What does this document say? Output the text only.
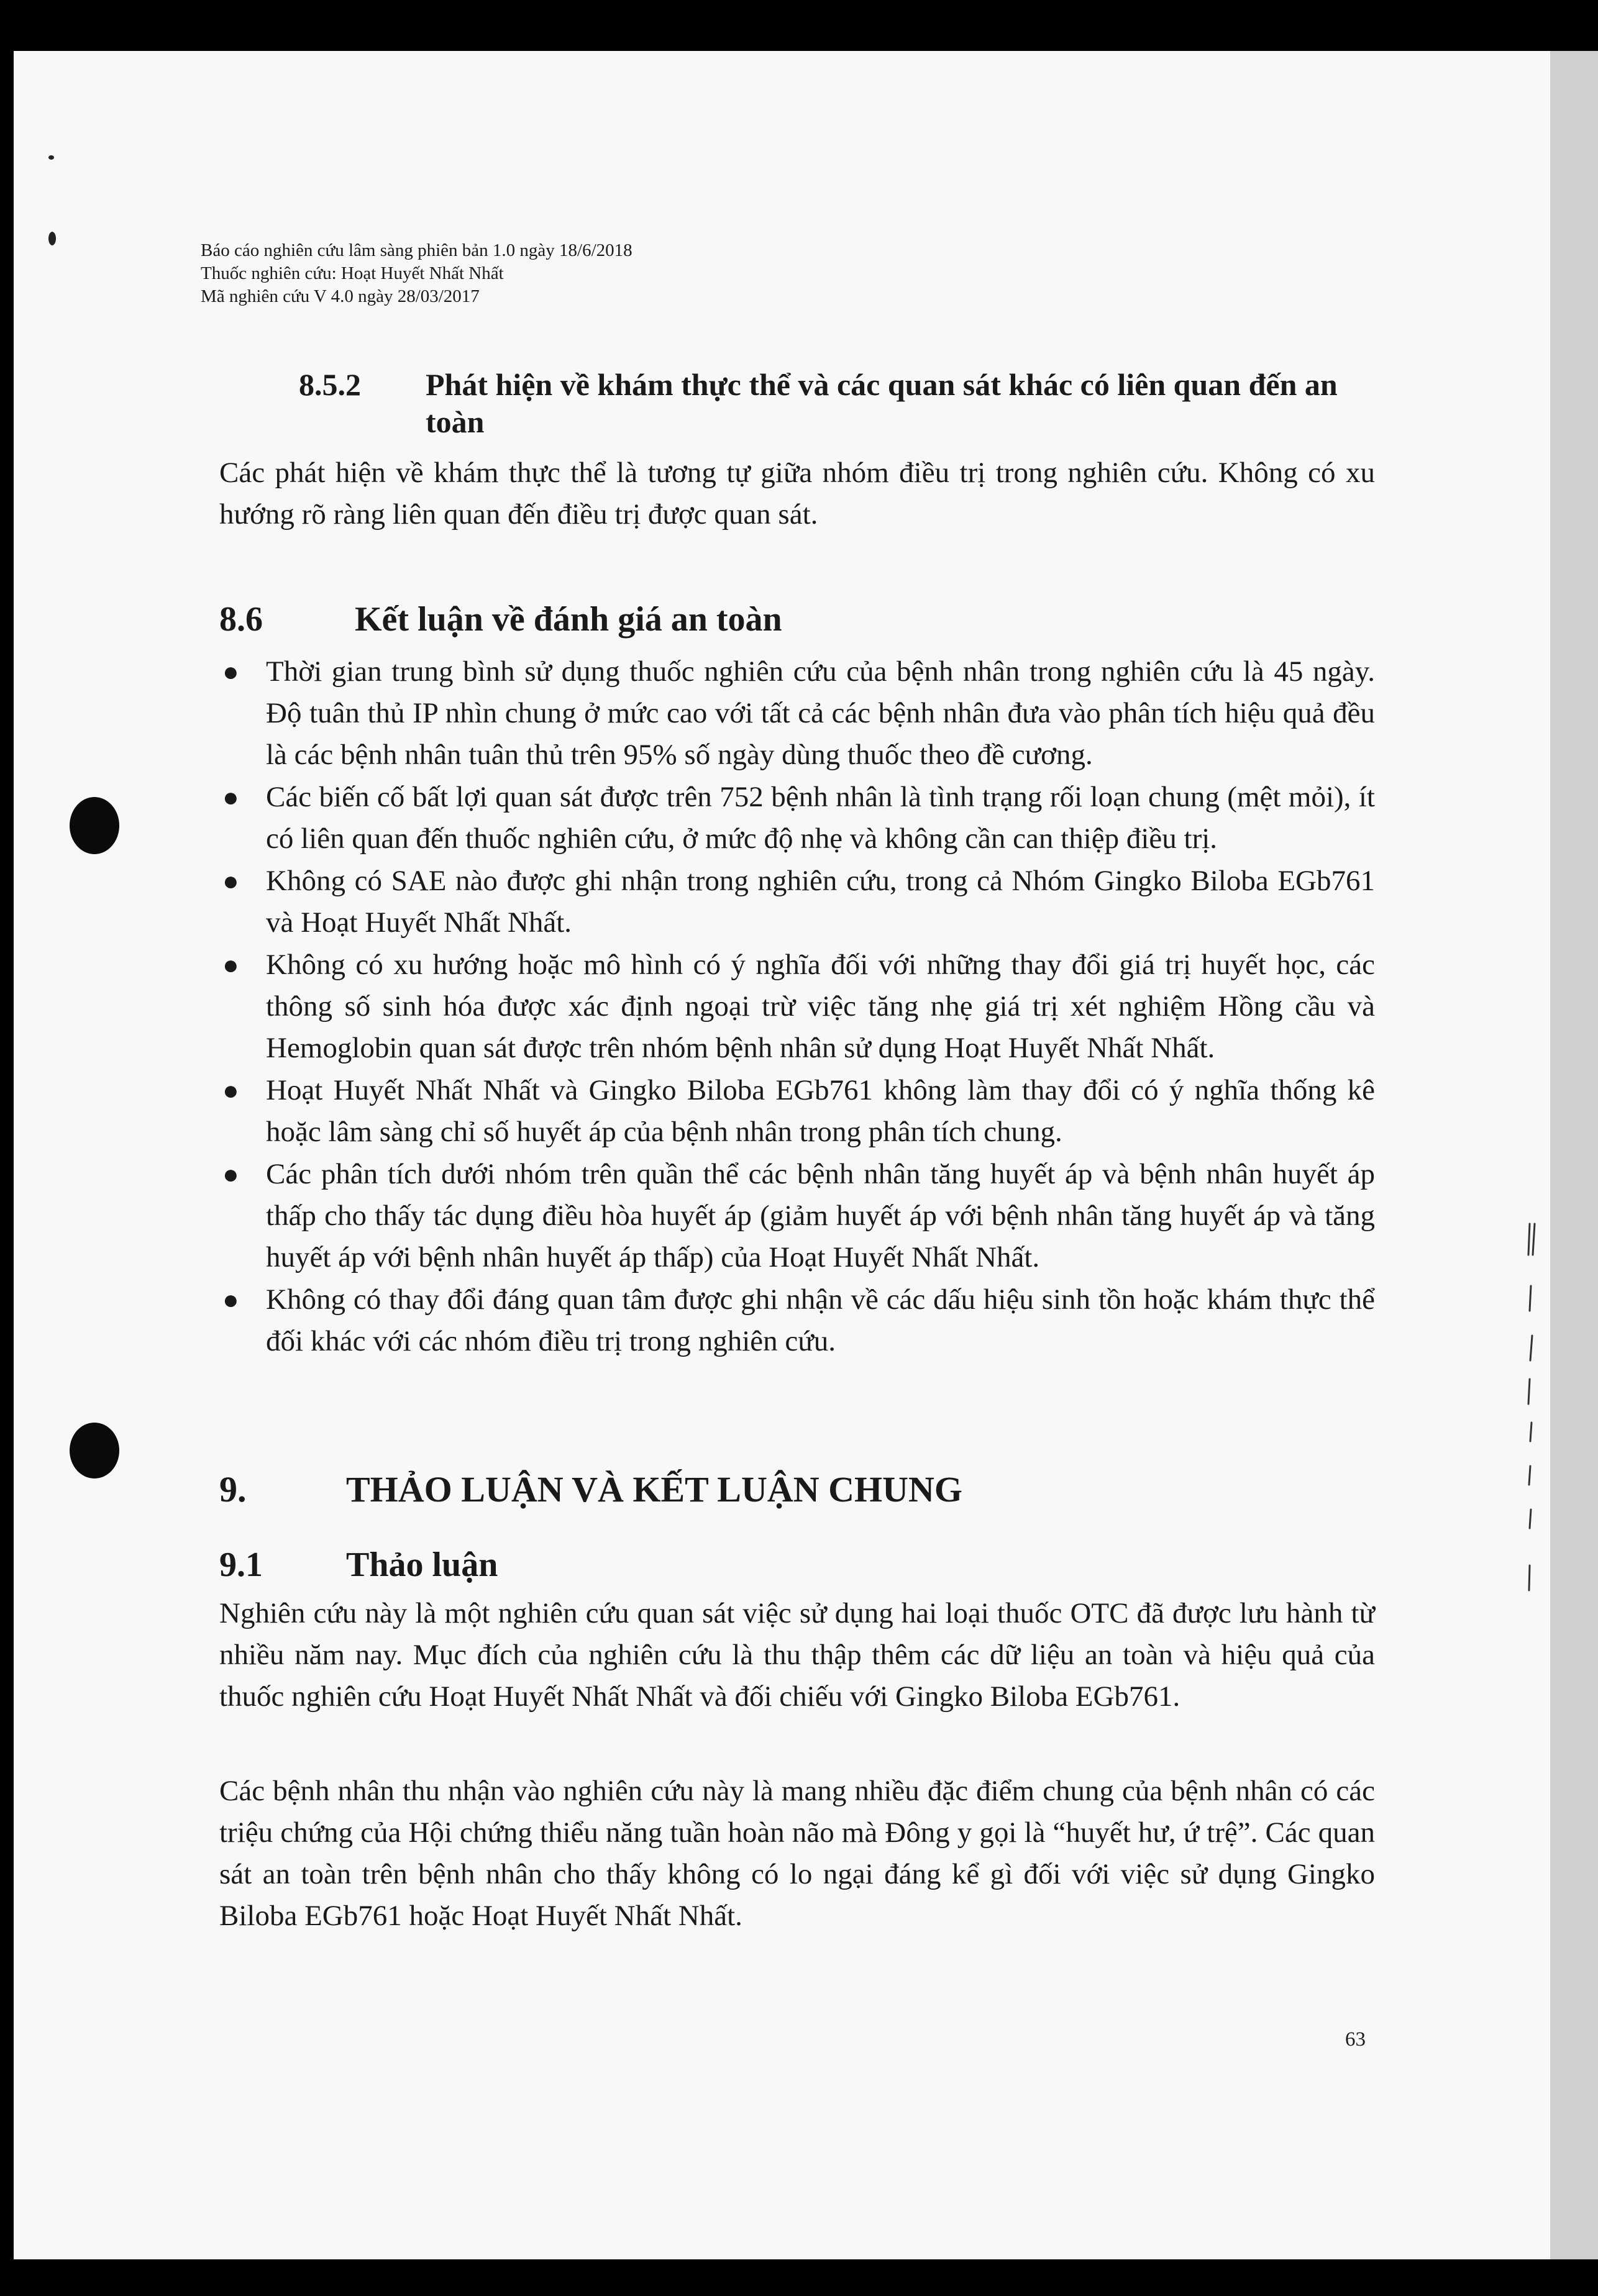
Báo cáo nghiên cứu lâm sàng phiên bản 1.0 ngày 18/6/2018
Thuốc nghiên cứu: Hoạt Huyết Nhất Nhất
Mã nghiên cứu V 4.0 ngày 28/03/2017
8.5.2 Phát hiện về khám thực thể và các quan sát khác có liên quan đến an
toàn
Các phát hiện về khám thực thể là tương tự giữa nhóm điều trị trong nghiên cứu. Không có xu hướng rõ ràng liên quan đến điều trị được quan sát.
8.6	Kết luận về đánh giá an toàn
● Thời gian trung bình sử dụng thuốc nghiên cứu của bệnh nhân trong nghiên cứu là 45 ngày. Độ tuân thủ IP nhìn chung ở mức cao với tất cả các bệnh nhân đưa vào phân tích hiệu quả đều là các bệnh nhân tuân thủ trên 95% số ngày dùng thuốc theo đề cương.
● Các biến cố bất lợi quan sát được trên 752 bệnh nhân là tình trạng rối loạn chung (mệt mỏi), ít có liên quan đến thuốc nghiên cứu, ở mức độ nhẹ và không cần can thiệp điều trị.
● Không có SAE nào được ghi nhận trong nghiên cứu, trong cả Nhóm Gingko Biloba EGb761 và Hoạt Huyết Nhất Nhất.
● Không có xu hướng hoặc mô hình có ý nghĩa đối với những thay đổi giá trị huyết học, các thông số sinh hóa được xác định ngoại trừ việc tăng nhẹ giá trị xét nghiệm Hồng cầu và Hemoglobin quan sát được trên nhóm bệnh nhân sử dụng Hoạt Huyết Nhất Nhất.
● Hoạt Huyết Nhất Nhất và Gingko Biloba EGb761 không làm thay đổi có ý nghĩa thống kê hoặc lâm sàng chỉ số huyết áp của bệnh nhân trong phân tích chung.
● Các phân tích dưới nhóm trên quần thể các bệnh nhân tăng huyết áp và bệnh nhân huyết áp thấp cho thấy tác dụng điều hòa huyết áp (giảm huyết áp với bệnh nhân tăng huyết áp và tăng huyết áp với bệnh nhân huyết áp thấp) của Hoạt Huyết Nhất Nhất.
● Không có thay đổi đáng quan tâm được ghi nhận về các dấu hiệu sinh tồn hoặc khám thực thể đối khác với các nhóm điều trị trong nghiên cứu.
9.	THẢO LUẬN VÀ KẾT LUẬN CHUNG
9.1 Thảo luận
Nghiên cứu này là một nghiên cứu quan sát việc sử dụng hai loại thuốc OTC đã được lưu hành từ nhiều năm nay. Mục đích của nghiên cứu là thu thập thêm các dữ liệu an toàn và hiệu quả của thuốc nghiên cứu Hoạt Huyết Nhất Nhất và đối chiếu với Gingko Biloba EGb761.
Các bệnh nhân thu nhận vào nghiên cứu này là mang nhiều đặc điểm chung của bệnh nhân có các triệu chứng của Hội chứng thiểu năng tuần hoàn não mà Đông y gọi là “huyết hư, ứ trệ”. Các quan sát an toàn trên bệnh nhân cho thấy không có lo ngại đáng kể gì đối với việc sử dụng Gingko Biloba EGb761 hoặc Hoạt Huyết Nhất Nhất.
63
